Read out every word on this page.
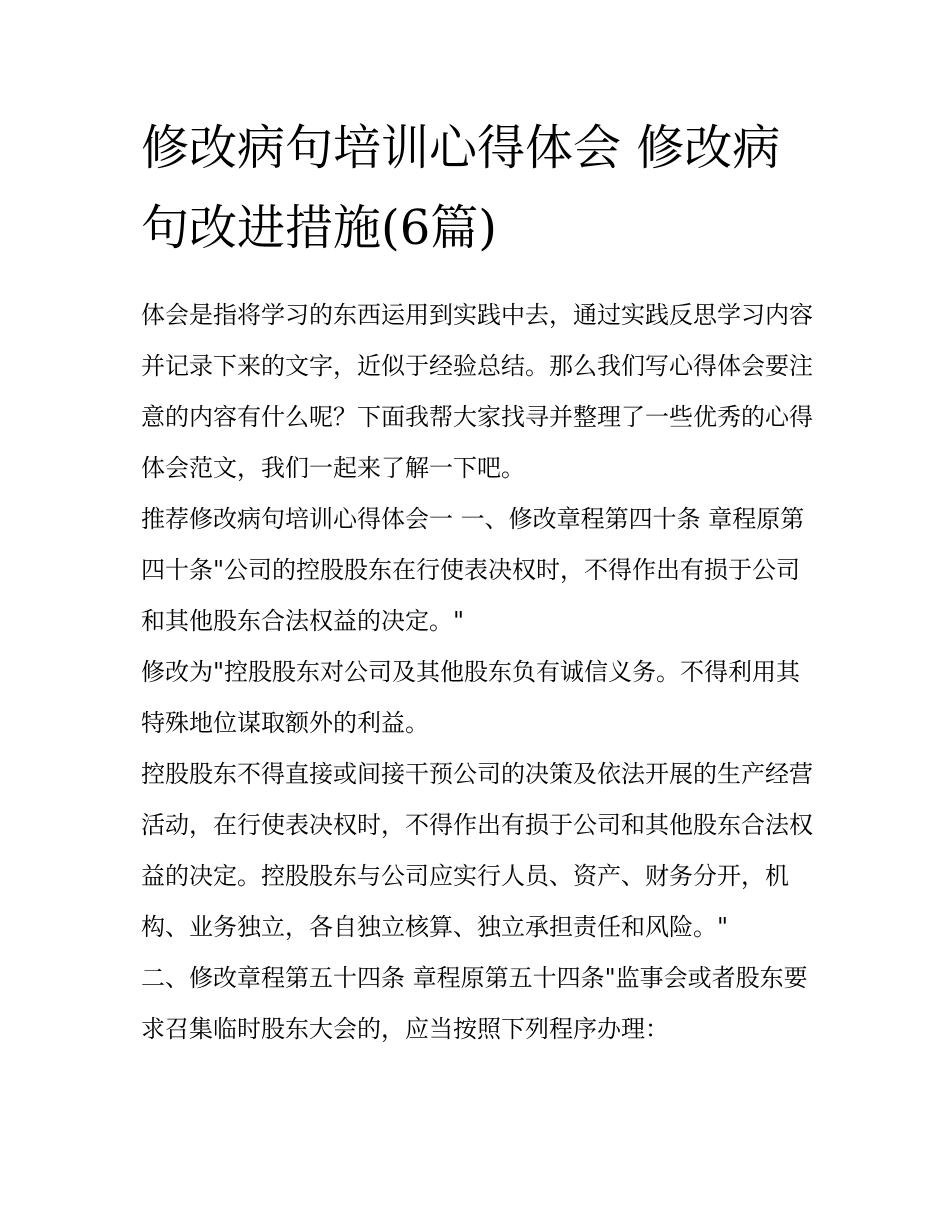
修改病句培训心得体会 修改病句改进措施(6篇)

体会是指将学习的东西运用到实践中去，通过实践反思学习内容并记录下来的文字，近似于经验总结。那么我们写心得体会要注意的内容有什么呢？下面我帮大家找寻并整理了一些优秀的心得体会范文，我们一起来了解一下吧。

推荐修改病句培训心得体会一 一、修改章程第四十条 章程原第四十条"公司的控股股东在行使表决权时，不得作出有损于公司和其他股东合法权益的决定。"

修改为"控股股东对公司及其他股东负有诚信义务。不得利用其特殊地位谋取额外的利益。

控股股东不得直接或间接干预公司的决策及依法开展的生产经营活动，在行使表决权时，不得作出有损于公司和其他股东合法权益的决定。控股股东与公司应实行人员、资产、财务分开，机构、业务独立，各自独立核算、独立承担责任和风险。"

二、修改章程第五十四条 章程原第五十四条"监事会或者股东要求召集临时股东大会的，应当按照下列程序办理：
